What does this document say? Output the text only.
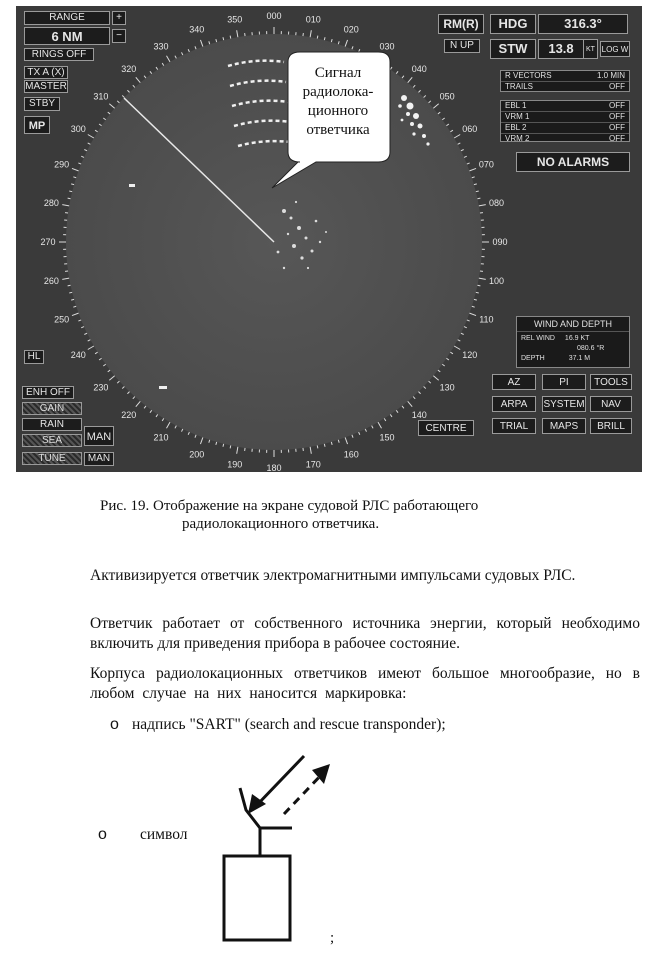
000	010
020
030
040
050
060
070
080
090
100
110
120
130
140
150
160
170
180
190
200
210
220
230
240
250
260
270
280
290
300
310
320
330
340
350
RANGE	+
6 NM	−
RINGS OFF
TX A (X)
MASTER
STBY
MP
HL
ENH OFF
GAIN
RAIN
SEA
TUNE
MAN
MAN
RM(R)
N UP
HDG	316.3°
STW	13.8	KT LOG W
R VECTORS	1.0 MIN
TRAILS	OFF
EBL 1	OFF
VRM 1	OFF
EBL 2	OFF
VRM 2	OFF
NO ALARMS
WIND AND DEPTH
REL WIND 16.9 KT
080.6 °R
DEPTH	37.1 M
AZ	PI	TOOLS
ARPA	SYSTEM	NAV
TRIAL	MAPS	BRILL
CENTRE
Сигнал радиолока-ционного ответчика
Рис. 19. Отображение на экране судовой РЛС работающего
радиолокационного ответчика.
Активизируется ответчик электромагнитными импульсами судовых РЛС.
Ответчик работает от собственного источника энергии, который необходимо включить для приведения прибора в рабочее состояние.
Корпуса радиолокационных ответчиков имеют большое многообразие, но в любом случае на них наносится маркировка:
o надпись "SART" (search and rescue transponder);
o символ
;
